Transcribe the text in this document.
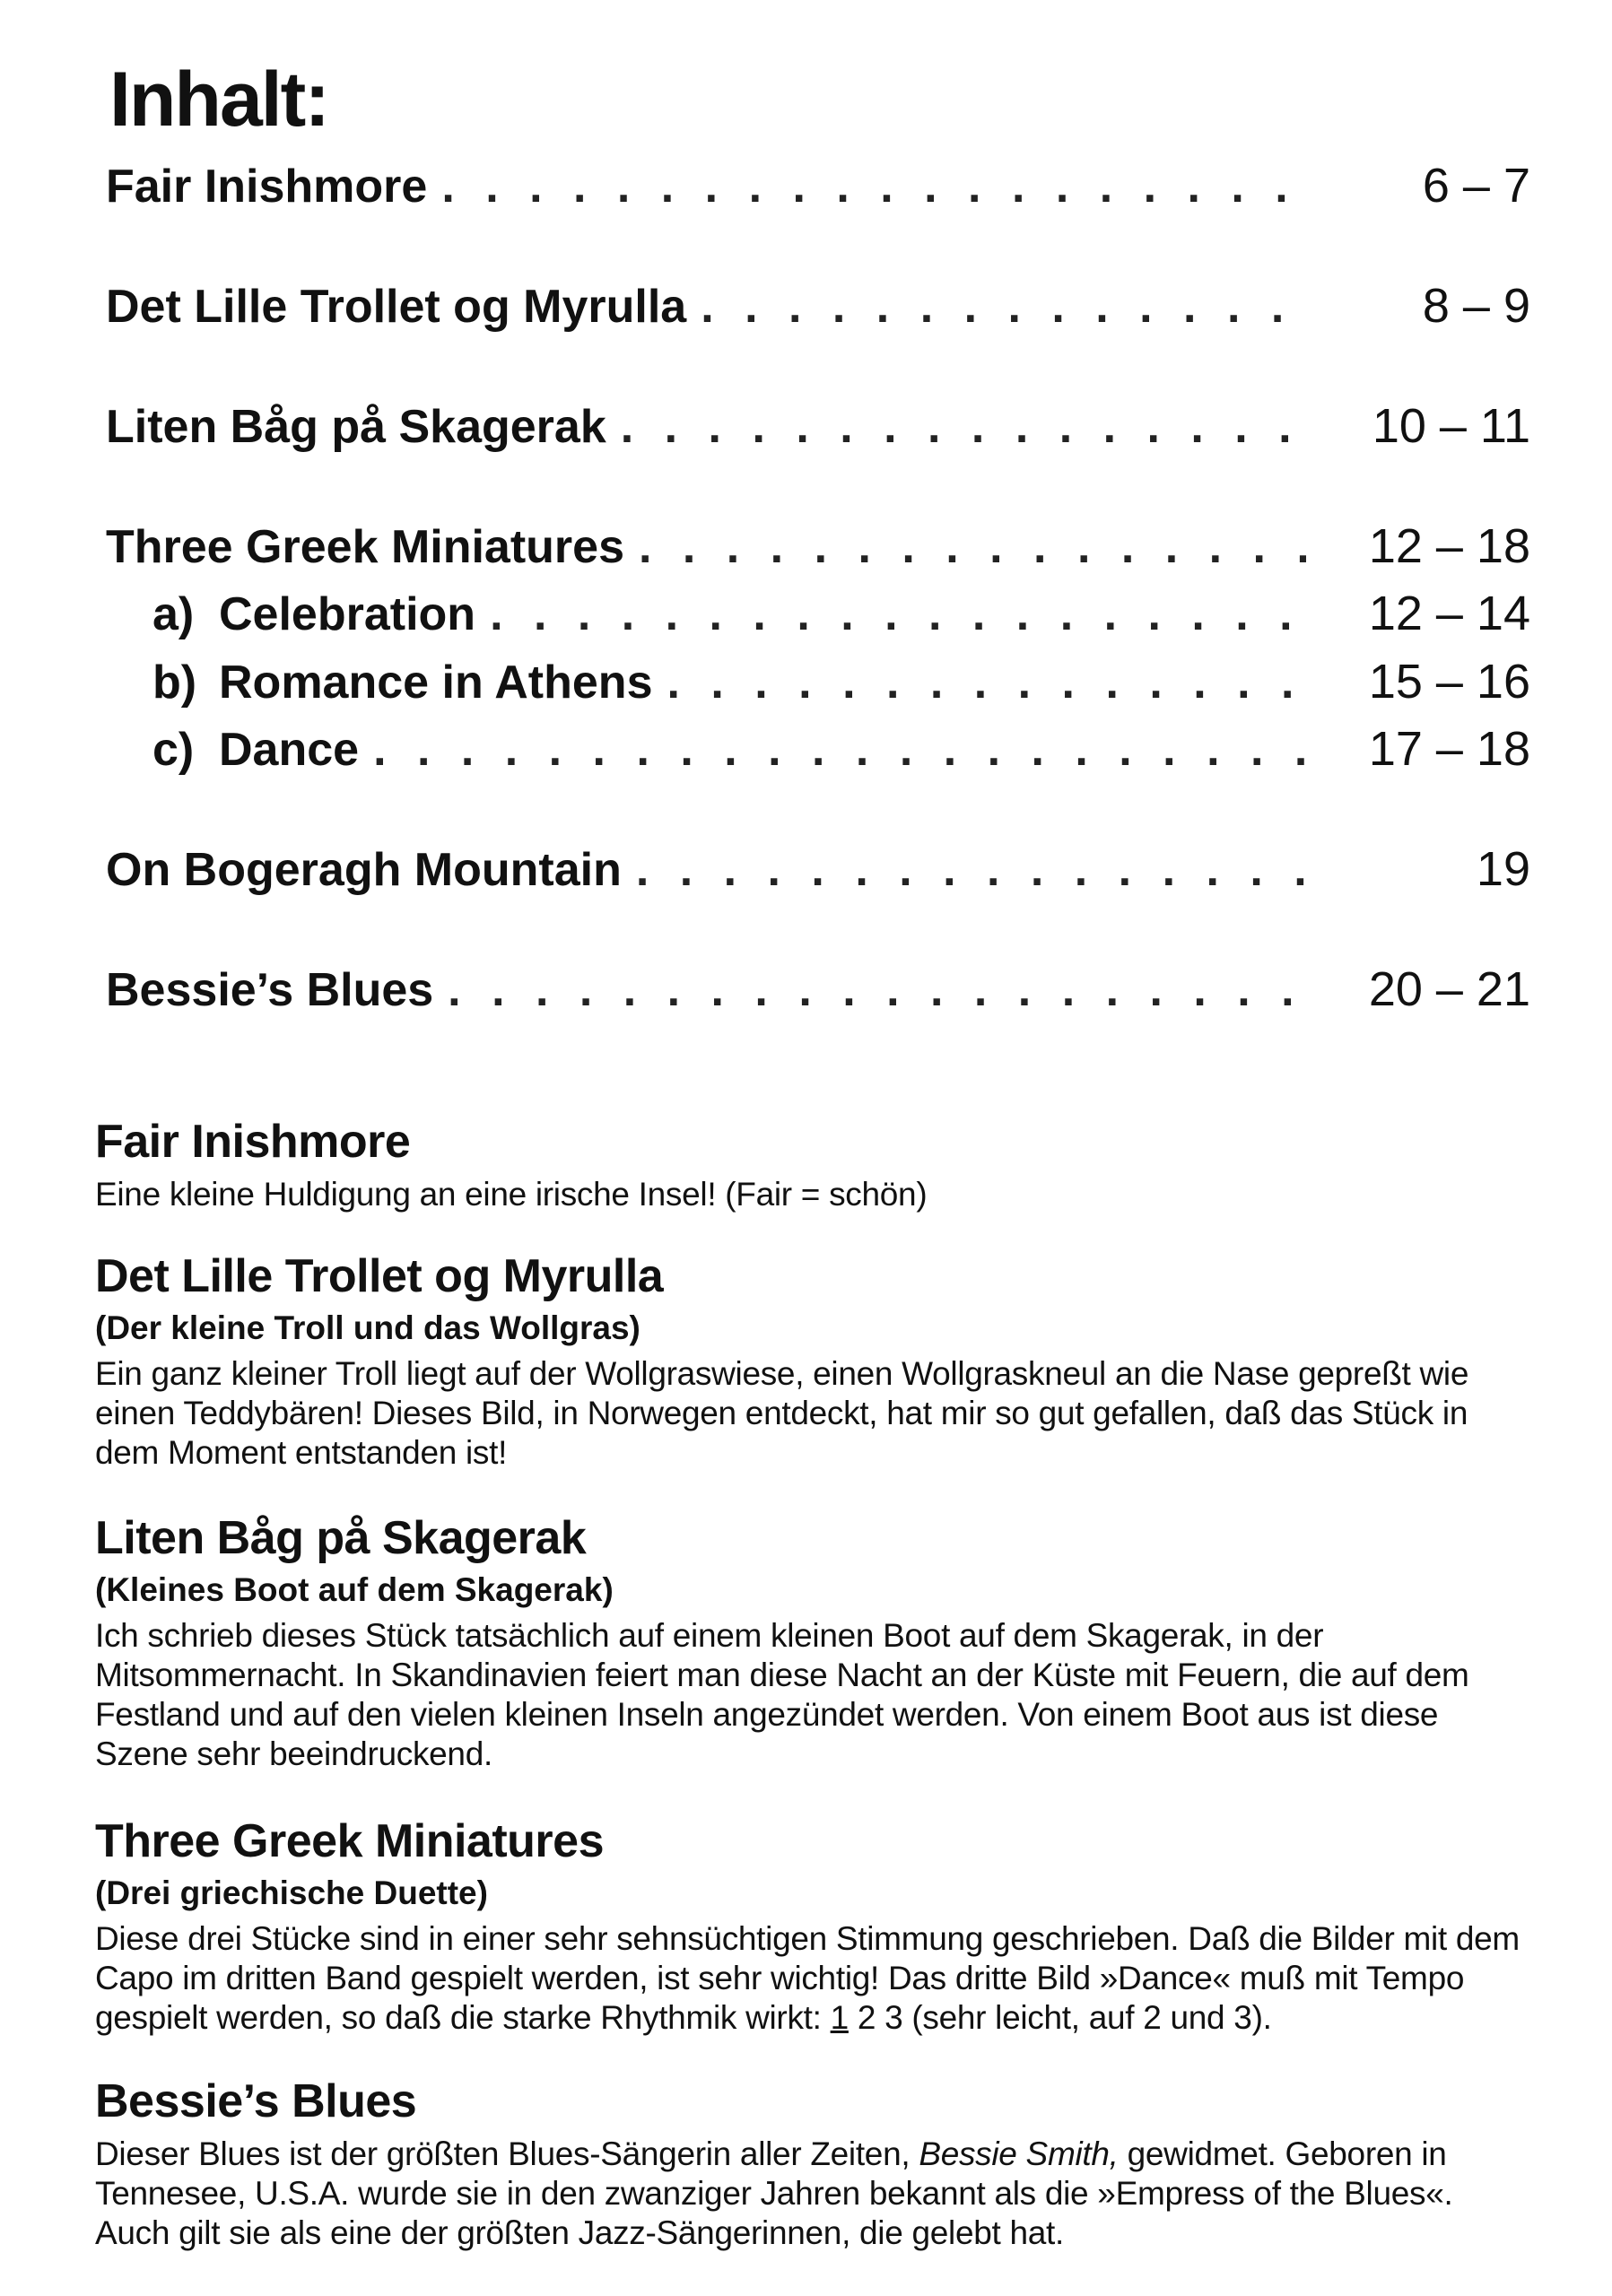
Inhalt:
Fair Inishmore . . .	6 – 7
Det Lille Trollet og Myrulla . . .	8 – 9
Liten Båg på Skagerak . . .	10 – 11
Three Greek Miniatures . . .	12 – 18
a) Celebration . . .	12 – 14
b) Romance in Athens . . .	15 – 16
c) Dance . . .	17 – 18
On Bogeragh Mountain . . .	19
Bessie’s Blues . . .	20 – 21
Fair Inishmore

Eine kleine Huldigung an eine irische Insel! (Fair = schön)

Det Lille Trollet og Myrulla
(Der kleine Troll und das Wollgras)

Ein ganz kleiner Troll liegt auf der Wollgraswiese, einen Wollgraskneul an die Nase gepreßt wie einen Teddybären! Dieses Bild, in Norwegen entdeckt, hat mir so gut gefallen, daß das Stück in dem Moment entstanden ist!

Liten Båg på Skagerak
(Kleines Boot auf dem Skagerak)

Ich schrieb dieses Stück tatsächlich auf einem kleinen Boot auf dem Skagerak, in der Mitsommernacht. In Skandinavien feiert man diese Nacht an der Küste mit Feuern, die auf dem Festland und auf den vielen kleinen Inseln angezündet werden. Von einem Boot aus ist diese Szene sehr beeindruckend.

Three Greek Miniatures
(Drei griechische Duette)

Diese drei Stücke sind in einer sehr sehnsüchtigen Stimmung geschrieben. Daß die Bilder mit dem Capo im dritten Band gespielt werden, ist sehr wichtig! Das dritte Bild »Dance« muß mit Tempo gespielt werden, so daß die starke Rhythmik wirkt: 1 2 3 (sehr leicht, auf 2 und 3).

Bessie’s Blues

Dieser Blues ist der größten Blues-Sängerin aller Zeiten, Bessie Smith, gewidmet. Geboren in Tennesee, U.S.A. wurde sie in den zwanziger Jahren bekannt als die »Empress of the Blues«. Auch gilt sie als eine der größten Jazz-Sängerinnen, die gelebt hat.
